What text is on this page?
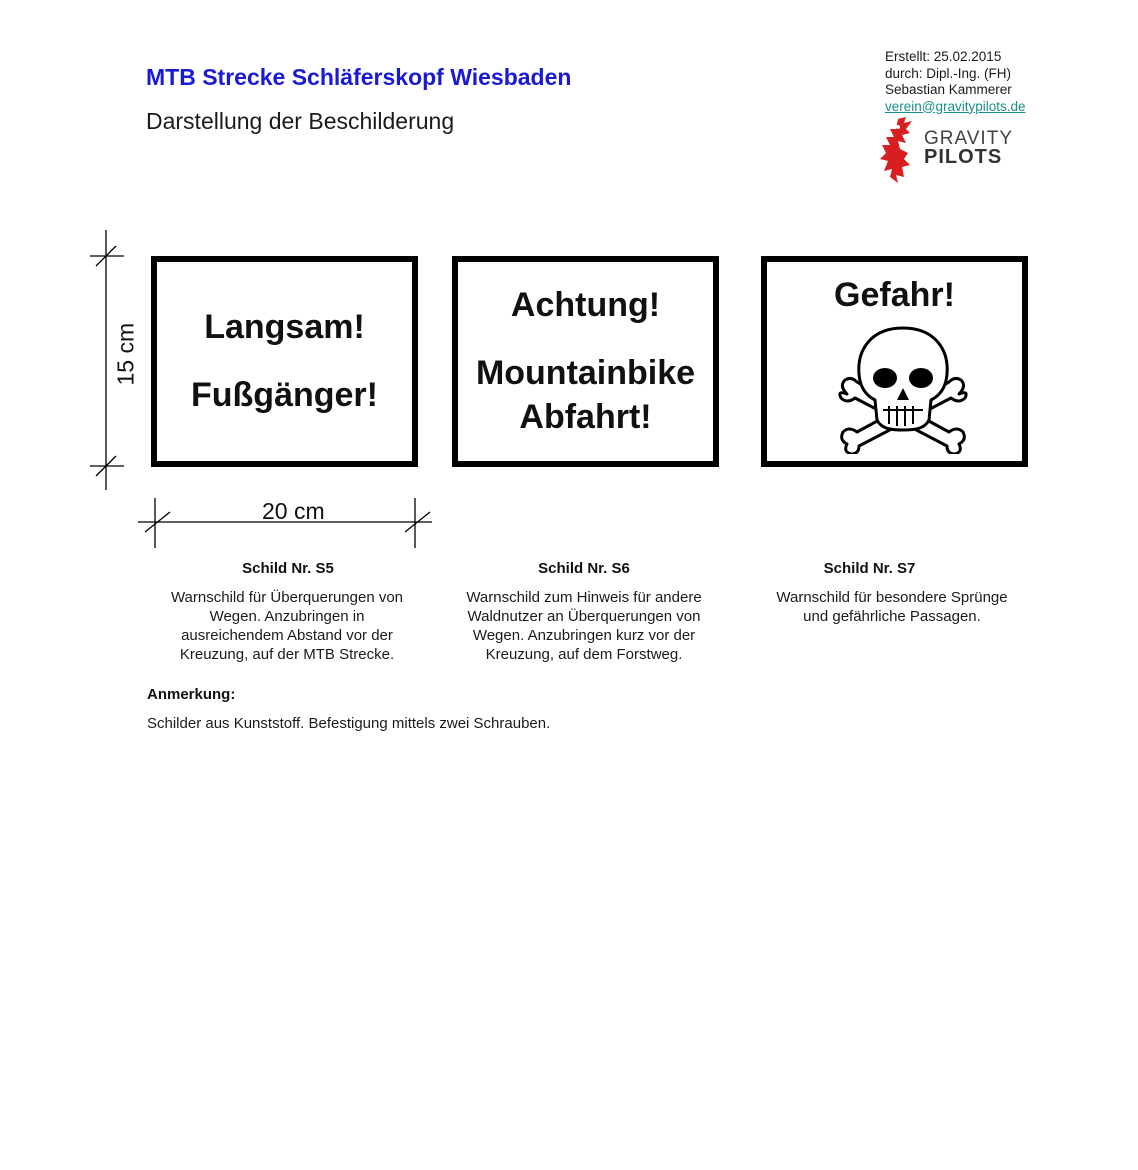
MTB Strecke Schläferskopf Wiesbaden
Darstellung der Beschilderung
Erstellt: 25.02.2015
durch: Dipl.-Ing. (FH)
Sebastian Kammerer
verein@gravitypilots.de
GRAVITY
PILOTS
20 cm
15 cm	Langsam!
Fußgänger!
Achtung!
Mountainbike
Abfahrt!
Gefahr!
Schild Nr. S5
Warnschild für Überquerungen von
Wegen. Anzubringen in
ausreichendem Abstand vor der
Kreuzung, auf der MTB Strecke.
Schild Nr. S6
Warnschild zum Hinweis für andere
Waldnutzer an Überquerungen von
Wegen. Anzubringen kurz vor der
Kreuzung, auf dem Forstweg.
Schild Nr. S7
Warnschild für besondere Sprünge
und gefährliche Passagen.
Anmerkung:
Schilder aus Kunststoff. Befestigung mittels zwei Schrauben.
